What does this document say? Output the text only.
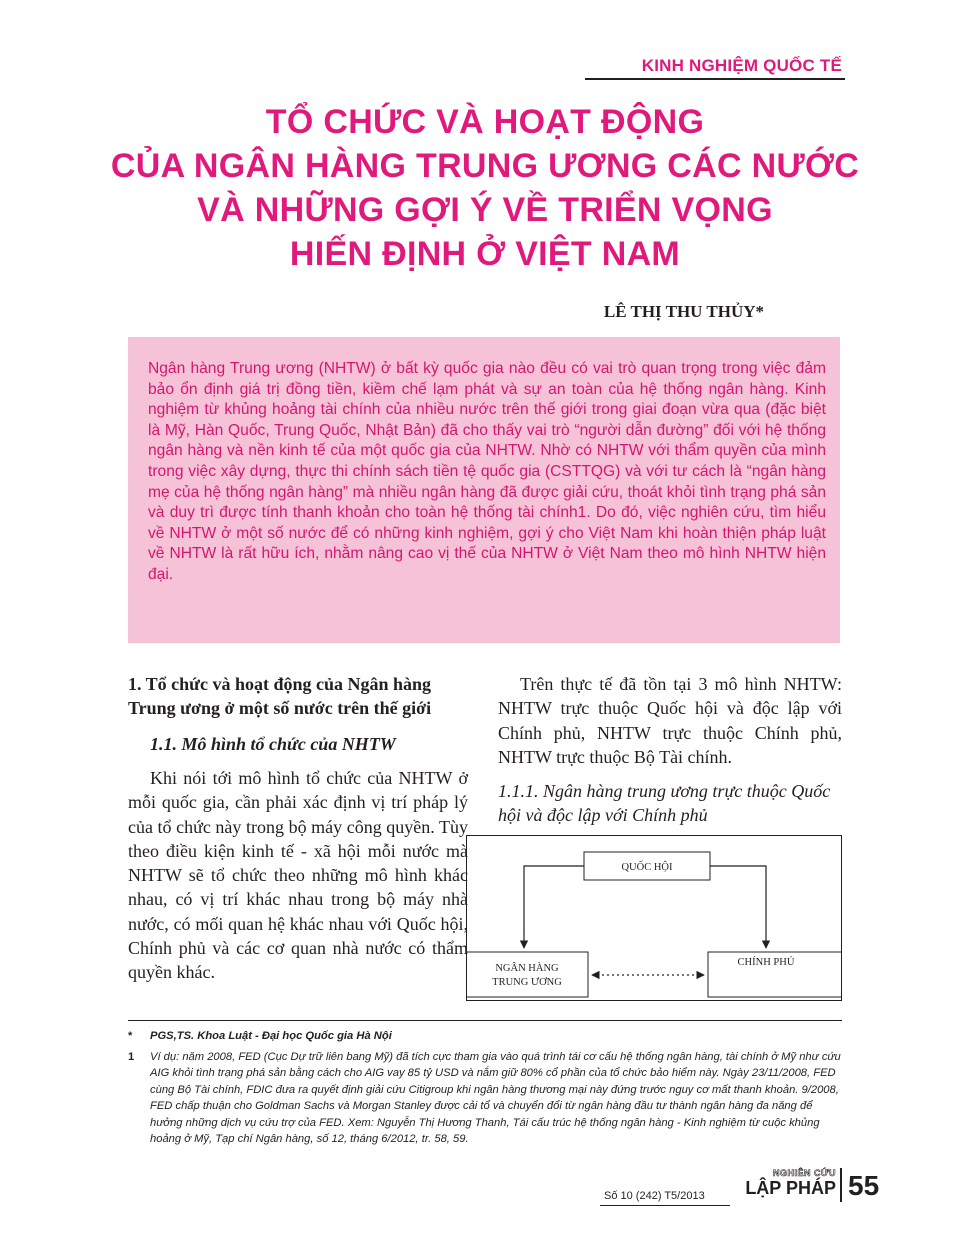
KINH NGHIỆM QUỐC TẾ
TỔ CHỨC VÀ HOẠT ĐỘNG
CỦA NGÂN HÀNG TRUNG ƯƠNG CÁC NƯỚC
VÀ NHỮNG GỢI Ý VỀ TRIỂN VỌNG
HIẾN ĐỊNH Ở VIỆT NAM
LÊ THỊ THU THỦY*
Ngân hàng Trung ương (NHTW) ở bất kỳ quốc gia nào đều có vai trò quan trọng trong việc đảm bảo ổn định giá trị đồng tiền, kiềm chế lạm phát và sự an toàn của hệ thống ngân hàng. Kinh nghiệm từ khủng hoảng tài chính của nhiều nước trên thế giới trong giai đoạn vừa qua (đặc biệt là Mỹ, Hàn Quốc, Trung Quốc, Nhật Bản) đã cho thấy vai trò “người dẫn đường” đối với hệ thống ngân hàng và nền kinh tế của một quốc gia của NHTW. Nhờ có NHTW với thẩm quyền của mình trong việc xây dựng, thực thi chính sách tiền tệ quốc gia (CSTTQG) và với tư cách là “ngân hàng mẹ của hệ thống ngân hàng” mà nhiều ngân hàng đã được giải cứu, thoát khỏi tình trạng phá sản và duy trì được tính thanh khoản cho toàn hệ thống tài chính1. Do đó, việc nghiên cứu, tìm hiểu về NHTW ở một số nước để có những kinh nghiệm, gợi ý cho Việt Nam khi hoàn thiện pháp luật về NHTW là rất hữu ích, nhằm nâng cao vị thế của NHTW ở Việt Nam theo mô hình NHTW hiện đại.

1. Tổ chức và hoạt động của Ngân hàng Trung ương ở một số nước trên thế giới

1.1. Mô hình tổ chức của NHTW

Khi nói tới mô hình tổ chức của NHTW ở mỗi quốc gia, cần phải xác định vị trí pháp lý của tổ chức này trong bộ máy công quyền. Tùy theo điều kiện kinh tế - xã hội mỗi nước mà NHTW sẽ tổ chức theo những mô hình khác nhau, có vị trí khác nhau trong bộ máy nhà nước, có mối quan hệ khác nhau với Quốc hội, Chính phủ và các cơ quan nhà nước có thẩm quyền khác.

Trên thực tế đã tồn tại 3 mô hình NHTW: NHTW trực thuộc Quốc hội và độc lập với Chính phủ, NHTW trực thuộc Chính phủ, NHTW trực thuộc Bộ Tài chính.

1.1.1. Ngân hàng trung ương trực thuộc Quốc hội và độc lập với Chính phủ

QUỐC HỘI
NGÂN HÀNG
TRUNG ƯƠNG
CHÍNH PHỦ
* PGS,TS. Khoa Luật - Đại học Quốc gia Hà Nội
1 Ví dụ: năm 2008, FED (Cục Dự trữ liên bang Mỹ) đã tích cực tham gia vào quá trình tái cơ cấu hệ thống ngân hàng, tài chính ở Mỹ như cứu AIG khỏi tình trạng phá sản bằng cách cho AIG vay 85 tỷ USD và nắm giữ 80% cổ phần của tổ chức bảo hiểm này. Ngày 23/11/2008, FED cùng Bộ Tài chính, FDIC đưa ra quyết định giải cứu Citigroup khi ngân hàng thương mại này đứng trước nguy cơ mất thanh khoản. 9/2008, FED chấp thuận cho Goldman Sachs và Morgan Stanley được cải tổ và chuyển đổi từ ngân hàng đầu tư thành ngân hàng đa năng để hưởng những dịch vụ cứu trợ của FED. Xem: Nguyễn Thị Hương Thanh, Tái cấu trúc hệ thống ngân hàng - Kinh nghiệm từ cuộc khủng hoảng ở Mỹ, Tạp chí Ngân hàng, số 12, tháng 6/2012, tr. 58, 59.
Số 10 (242) T5/2013
NGHIÊN CỨU
LẬP PHÁP 55
